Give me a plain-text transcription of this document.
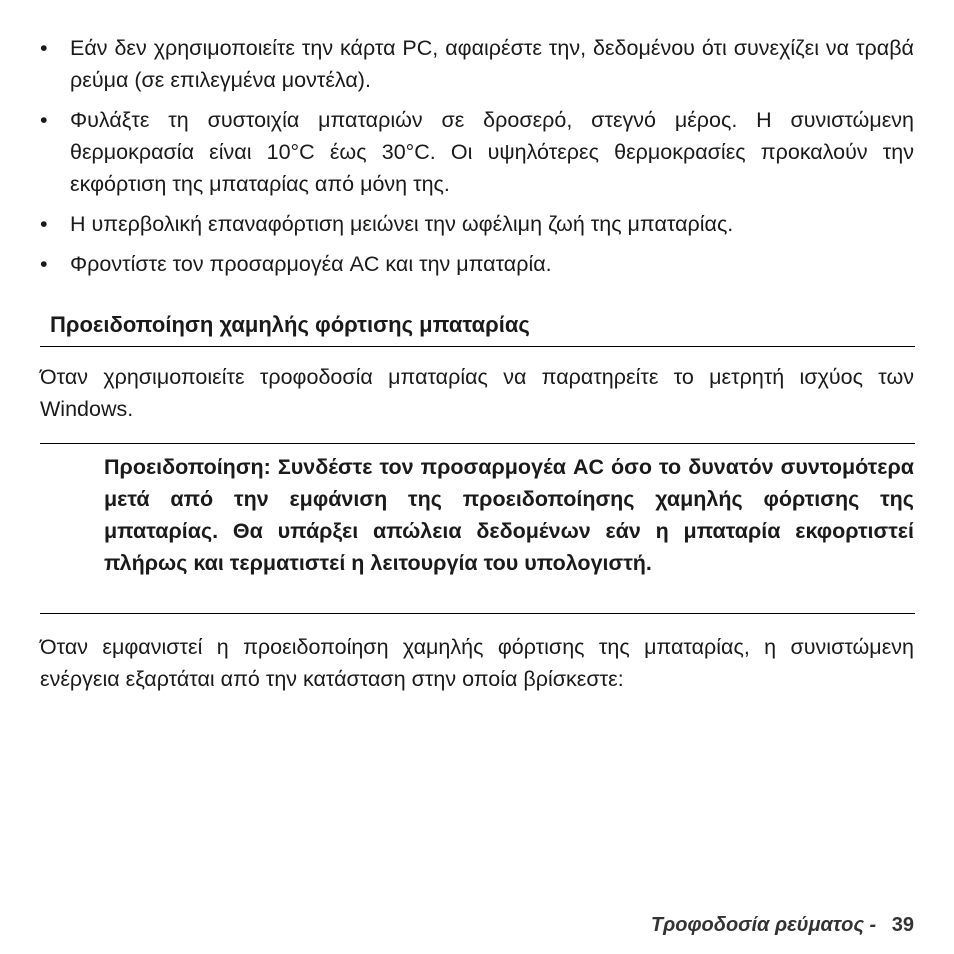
• Εάν δεν χρησιμοποιείτε την κάρτα PC, αφαιρέστε την, δεδομένου ότι συνεχίζει να τραβά ρεύμα (σε επιλεγμένα μοντέλα).
• Φυλάξτε τη συστοιχία μπαταριών σε δροσερό, στεγνό μέρος. Η συνιστώμενη θερμοκρασία είναι 10°C έως 30°C. Οι υψηλότερες θερμοκρασίες προκαλούν την εκφόρτιση της μπαταρίας από μόνη της.
• Η υπερβολική επαναφόρτιση μειώνει την ωφέλιμη ζωή της μπαταρίας.
• Φροντίστε τον προσαρμογέα AC και την μπαταρία.
Προειδοποίηση χαμηλής φόρτισης μπαταρίας

Όταν χρησιμοποιείτε τροφοδοσία μπαταρίας να παρατηρείτε το μετρητή ισχύος των Windows.

Προειδοποίηση: Συνδέστε τον προσαρμογέα AC όσο το δυνατόν συντομότερα μετά από την εμφάνιση της προειδοποίησης χαμηλής φόρτισης της μπαταρίας. Θα υπάρξει απώλεια δεδομένων εάν η μπαταρία εκφορτιστεί πλήρως και τερματιστεί η λειτουργία του υπολογιστή.

Όταν εμφανιστεί η προειδοποίηση χαμηλής φόρτισης της μπαταρίας, η συνιστώμενη ενέργεια εξαρτάται από την κατάσταση στην οποία βρίσκεστε:

Τροφοδοσία ρεύματος - 39
